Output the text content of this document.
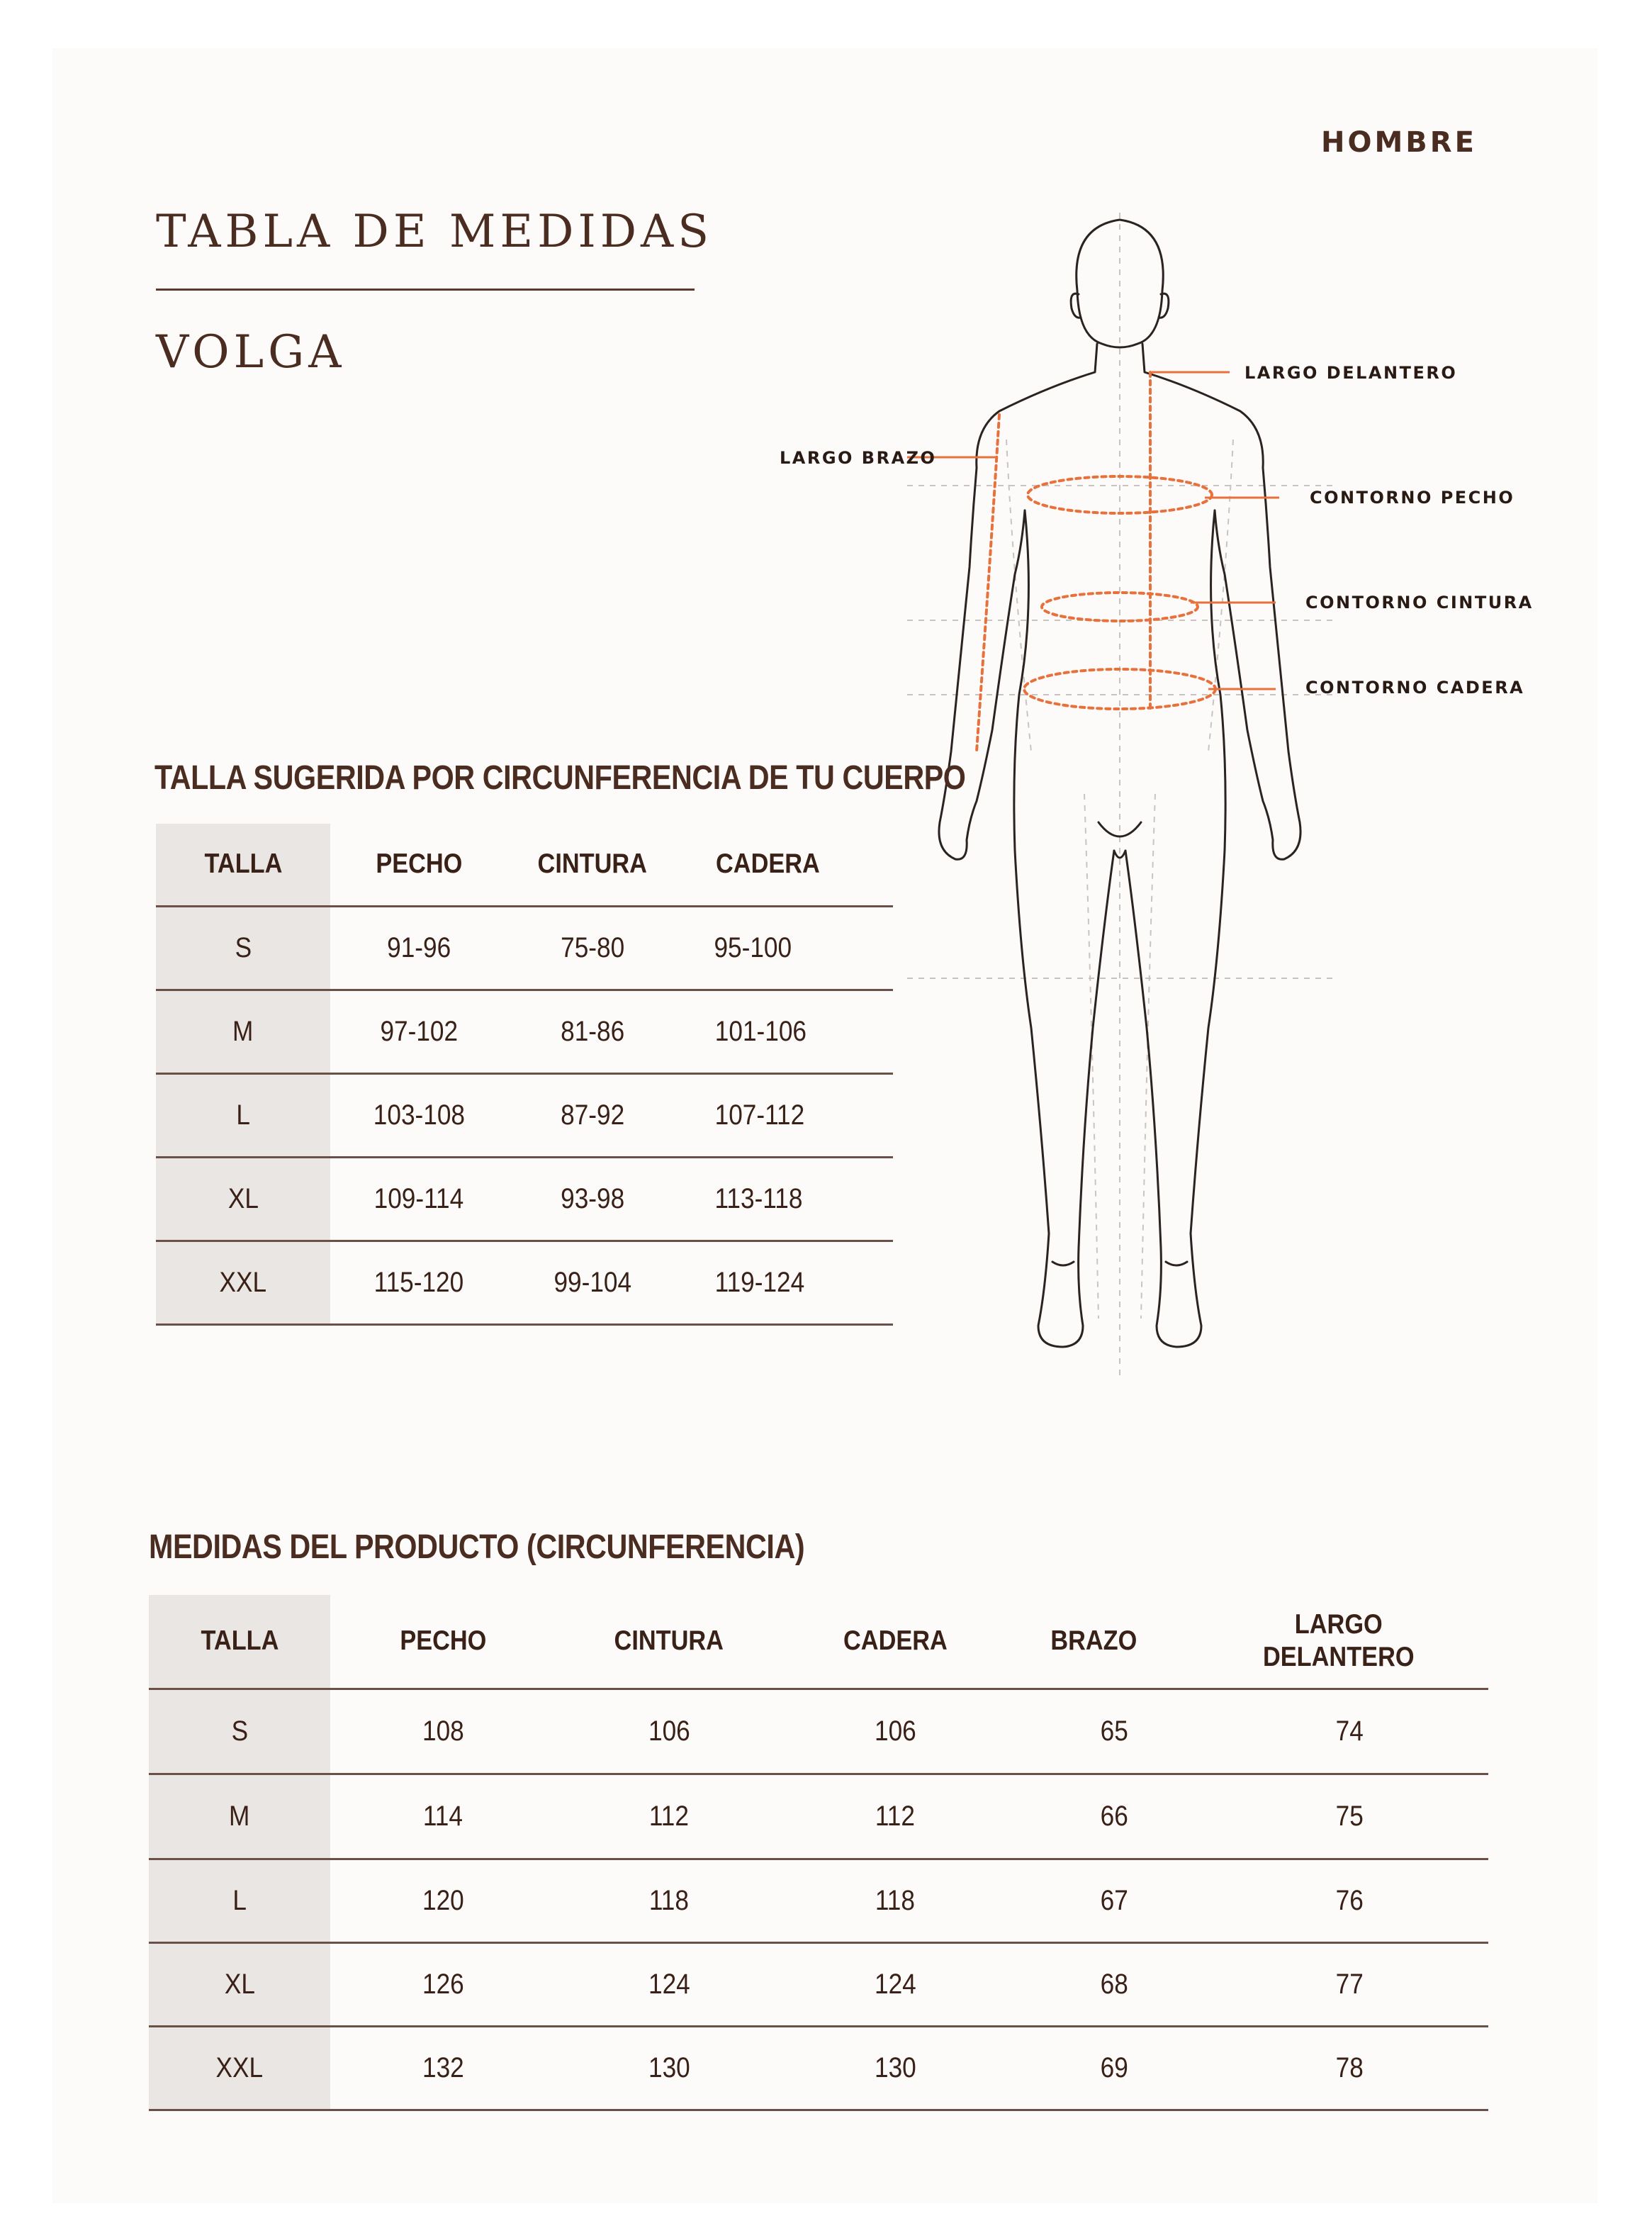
HOMBRE
TABLA DE MEDIDAS
VOLGA	LARGO DELANTERO
LARGO BRAZO
CONTORNO PECHO
CONTORNO CINTURA
CONTORNO CADERA
TALLA SUGERIDA POR CIRCUNFERENCIA DE TU CUERPO
TALLA	PECHO	CINTURA	CADERA
S	91-96	75-80	95-100
M	97-102	81-86	101-106
L	103-108	87-92	107-112
XL	109-114	93-98	113-118
XXL	115-120	99-104	119-124
MEDIDAS DEL PRODUCTO (CIRCUNFERENCIA)
TALLA	PECHO	CINTURA	CADERA	BRAZO	LARGO
DELANTERO

S	108	106	106	65	74
M	114	112	112	66	75
L	120	118	118	67	76
XL	126	124	124	68	77
XXL	132	130	130	69	78
